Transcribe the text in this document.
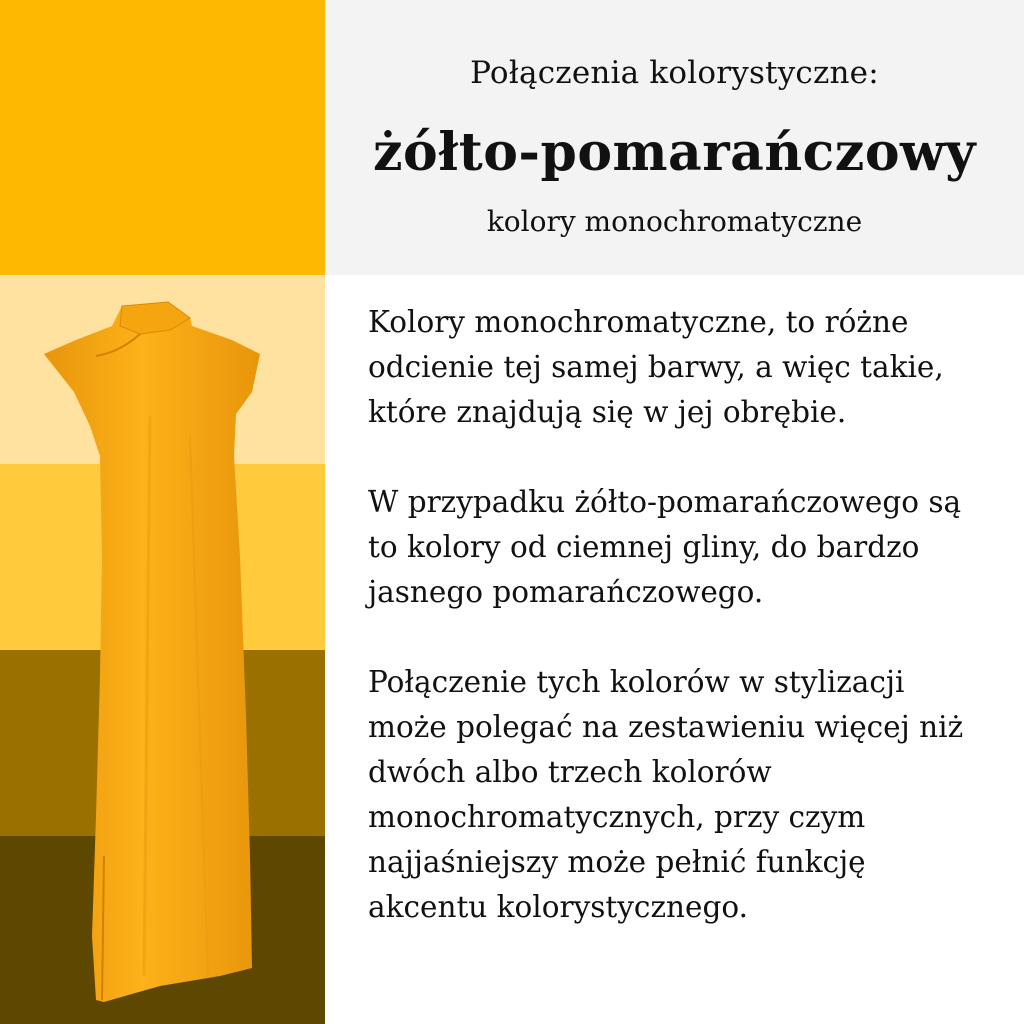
Połączenia kolorystyczne:
żółto-pomarańczowy
kolory monochromatyczne

Kolory monochromatyczne, to różne
odcienie tej samej barwy, a więc takie,
które znajdują się w jej obrębie.

W przypadku żółto-pomarańczowego są
to kolory od ciemnej gliny, do bardzo
jasnego pomarańczowego.

Połączenie tych kolorów w stylizacji
może polegać na zestawieniu więcej niż
dwóch albo trzech kolorów
monochromatycznych, przy czym
najjaśniejszy może pełnić funkcję
akcentu kolorystycznego.
